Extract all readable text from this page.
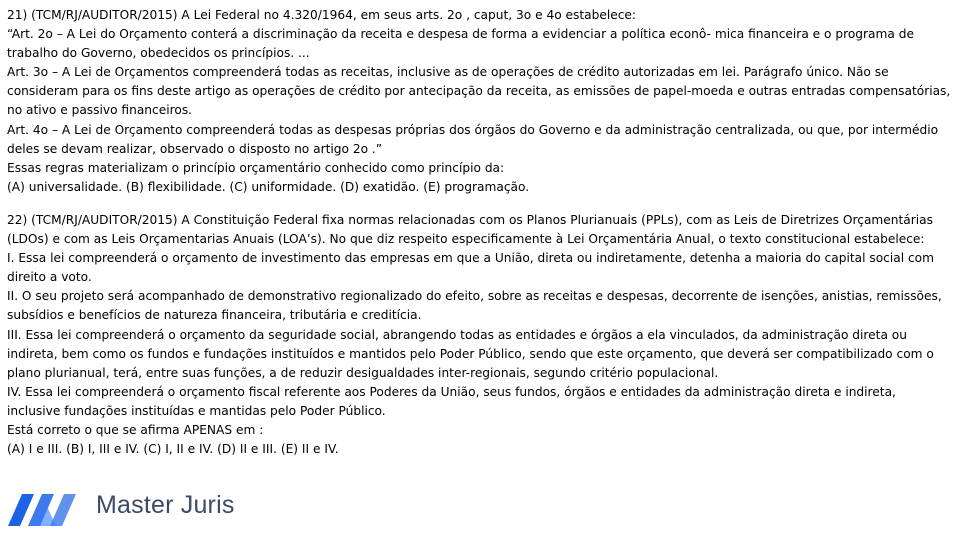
21) (TCM/RJ/AUDITOR/2015) A Lei Federal no 4.320/1964, em seus arts. 2o , caput, 3o e 4o estabelece:

“Art. 2o – A Lei do Orçamento conterá a discriminação da receita e despesa de forma a evidenciar a política econô- mica financeira e o programa de trabalho do Governo, obedecidos os princípios. ...

Art. 3o – A Lei de Orçamentos compreenderá todas as receitas, inclusive as de operações de crédito autorizadas em lei. Parágrafo único. Não se consideram para os fins deste artigo as operações de crédito por antecipação da receita, as emissões de papel-moeda e outras entradas compensatórias, no ativo e passivo financeiros.

Art. 4o – A Lei de Orçamento compreenderá todas as despesas próprias dos órgãos do Governo e da administração centralizada, ou que, por intermédio deles se devam realizar, observado o disposto no artigo 2o .”

Essas regras materializam o princípio orçamentário conhecido como princípio da:

(A) universalidade. (B) flexibilidade. (C) uniformidade. (D) exatidão. (E) programação.

22) (TCM/RJ/AUDITOR/2015) A Constituição Federal fixa normas relacionadas com os Planos Plurianuais (PPLs), com as Leis de Diretrizes Orçamentárias (LDOs) e com as Leis Orçamentarias Anuais (LOA’s). No que diz respeito especificamente à Lei Orçamentária Anual, o texto constitucional estabelece:

I. Essa lei compreenderá o orçamento de investimento das empresas em que a União, direta ou indiretamente, detenha a maioria do capital social com direito a voto.

II. O seu projeto será acompanhado de demonstrativo regionalizado do efeito, sobre as receitas e despesas, decorrente de isenções, anistias, remissões, subsídios e benefícios de natureza financeira, tributária e creditícia.

III. Essa lei compreenderá o orçamento da seguridade social, abrangendo todas as entidades e órgãos a ela vinculados, da administração direta ou indireta, bem como os fundos e fundações instituídos e mantidos pelo Poder Público, sendo que este orçamento, que deverá ser compatibilizado com o plano plurianual, terá, entre suas funções, a de reduzir desigualdades inter-regionais, segundo critério populacional.

IV. Essa lei compreenderá o orçamento fiscal referente aos Poderes da União, seus fundos, órgãos e entidades da administração direta e indireta, inclusive fundações instituídas e mantidas pelo Poder Público.

Está correto o que se afirma APENAS em :

(A) I e III. (B) I, III e IV. (C) I, II e IV. (D) II e III. (E) II e IV.

Master Juris
